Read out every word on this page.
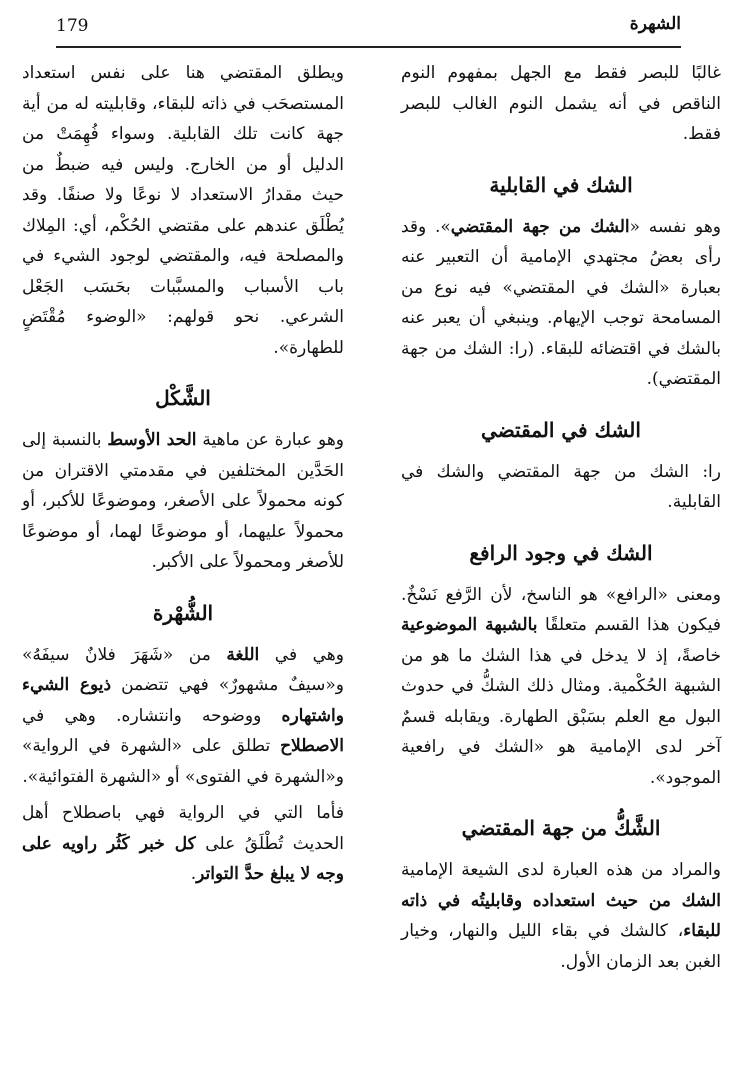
179	الشهرة

غالبًا للبصر فقط مع الجهل بمفهوم النوم الناقص في أنه يشمل النوم الغالب للبصر فقط.

الشك في القابلية

وهو نفسه «الشك من جهة المقتضي». وقد رأى بعضُ مجتهدي الإمامية أن التعبير عنه بعبارة «الشك في المقتضي» فيه نوع من المسامحة توجب الإيهام. وينبغي أن يعبر عنه بالشك في اقتضائه للبقاء. (را: الشك من جهة المقتضي).

الشك في المقتضي

را: الشك من جهة المقتضي والشك في القابلية.

الشك في وجود الرافع

ومعنى «الرافع» هو الناسخ، لأن الرَّفع نَسْخٌ. فيكون هذا القسم متعلقًا بالشبهة الموضوعية خاصةً، إذ لا يدخل في هذا الشك ما هو من الشبهة الحُكْمية. ومثال ذلك الشكُّ في حدوث البول مع العلم بسَبْق الطهارة. ويقابله قسمٌ آخر لدى الإمامية هو «الشك في رافعية الموجود».

الشَّكُّ من جهة المقتضي

والمراد من هذه العبارة لدى الشيعة الإمامية الشك من حيث استعداده وقابليتُه في ذاته للبقاء، كالشك في بقاء الليل والنهار، وخيار الغبن بعد الزمان الأول.

ويطلق المقتضي هنا على نفس استعداد المستصحَب في ذاته للبقاء، وقابليته له من أية جهة كانت تلك القابلية. وسواء فُهِمَتْ من الدليل أو من الخارج. وليس فيه ضبطٌ من حيث مقدارُ الاستعداد لا نوعًا ولا صنفًا. وقد يُطْلَق عندهم على مقتضي الحُكْم، أي: المِلاك والمصلحة فيه، والمقتضي لوجود الشيء في باب الأسباب والمسبَّبات بحَسَب الجَعْل الشرعي. نحو قولهم: «الوضوء مُقْتَضٍ للطهارة».

الشَّكْل

وهو عبارة عن ماهية الحد الأوسط بالنسبة إلى الحَدَّين المختلفين في مقدمتي الاقتران من كونه محمولاً على الأصغر، وموضوعًا للأكبر، أو محمولاً عليهما، أو موضوعًا لهما، أو موضوعًا للأصغر ومحمولاً على الأكبر.

الشُّهْرة

وهي في اللغة من «شَهَرَ فلانٌ سيفَهُ» و«سيفٌ مشهورٌ» فهي تتضمن ذيوع الشيء واشتهاره ووضوحه وانتشاره. وهي في الاصطلاح تطلق على «الشهرة في الرواية» و«الشهرة في الفتوى» أو «الشهرة الفتوائية».

فأما التي في الرواية فهي باصطلاح أهل الحديث تُطْلَقُ على كل خبر كَثُر راويه على وجه لا يبلغ حدَّ التواتر.
